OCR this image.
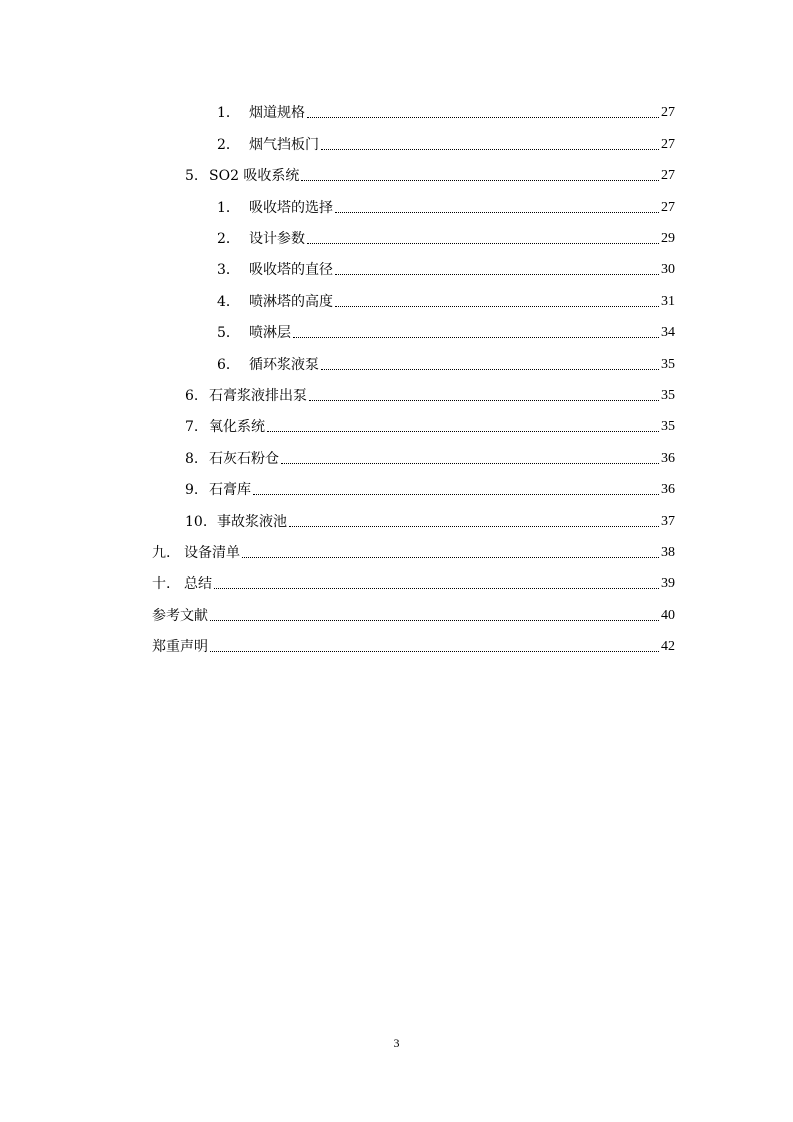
1． 烟道规格	27
2． 烟气挡板门	27
5. SO2 吸收系统	27
1． 吸收塔的选择	27
2． 设计参数	29
3． 吸收塔的直径	30
4． 喷淋塔的高度	31
5． 喷淋层	34
6． 循环浆液泵	35
6. 石膏浆液排出泵	35
7. 氧化系统	35
8. 石灰石粉仓	36
9. 石膏库	36
10. 事故浆液池	37
九. 设备清单	38
十. 总结	39
参考文献	40
郑重声明	42
3
